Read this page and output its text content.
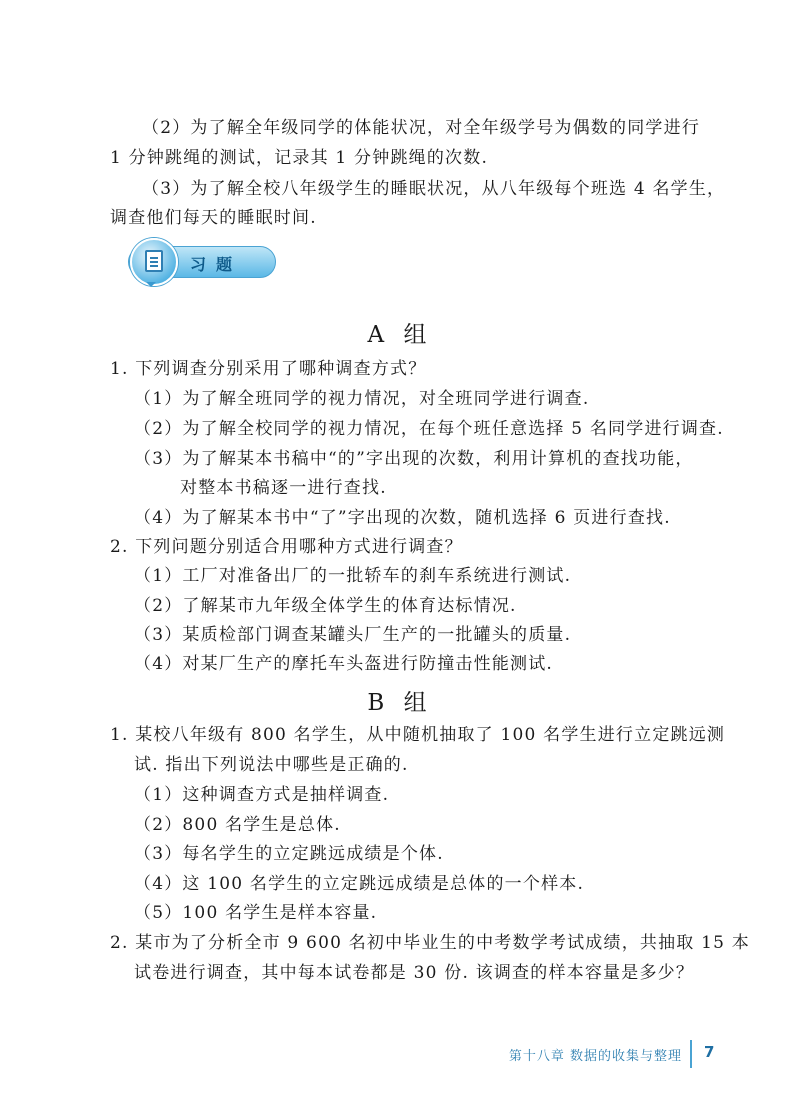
（2）为了解全年级同学的体能状况，对全年级学号为偶数的同学进行
1 分钟跳绳的测试，记录其 1 分钟跳绳的次数.
（3）为了解全校八年级学生的睡眠状况，从八年级每个班选 4 名学生，
调查他们每天的睡眠时间.
习题
A 组
1. 下列调查分别采用了哪种调查方式？
（1）为了解全班同学的视力情况，对全班同学进行调查.
（2）为了解全校同学的视力情况，在每个班任意选择 5 名同学进行调查.
（3）为了解某本书稿中“的”字出现的次数，利用计算机的查找功能，
对整本书稿逐一进行查找.
（4）为了解某本书中“了”字出现的次数，随机选择 6 页进行查找.
2. 下列问题分别适合用哪种方式进行调查？
（1）工厂对准备出厂的一批轿车的刹车系统进行测试.
（2）了解某市九年级全体学生的体育达标情况.
（3）某质检部门调查某罐头厂生产的一批罐头的质量.
（4）对某厂生产的摩托车头盔进行防撞击性能测试.
B 组
1. 某校八年级有 800 名学生，从中随机抽取了 100 名学生进行立定跳远测
试. 指出下列说法中哪些是正确的.
（1）这种调查方式是抽样调查.
（2）800 名学生是总体.
（3）每名学生的立定跳远成绩是个体.
（4）这 100 名学生的立定跳远成绩是总体的一个样本.
（5）100 名学生是样本容量.
2. 某市为了分析全市 9 600 名初中毕业生的中考数学考试成绩，共抽取 15 本
试卷进行调查，其中每本试卷都是 30 份. 该调查的样本容量是多少？
第十八章 数据的收集与整理 7
